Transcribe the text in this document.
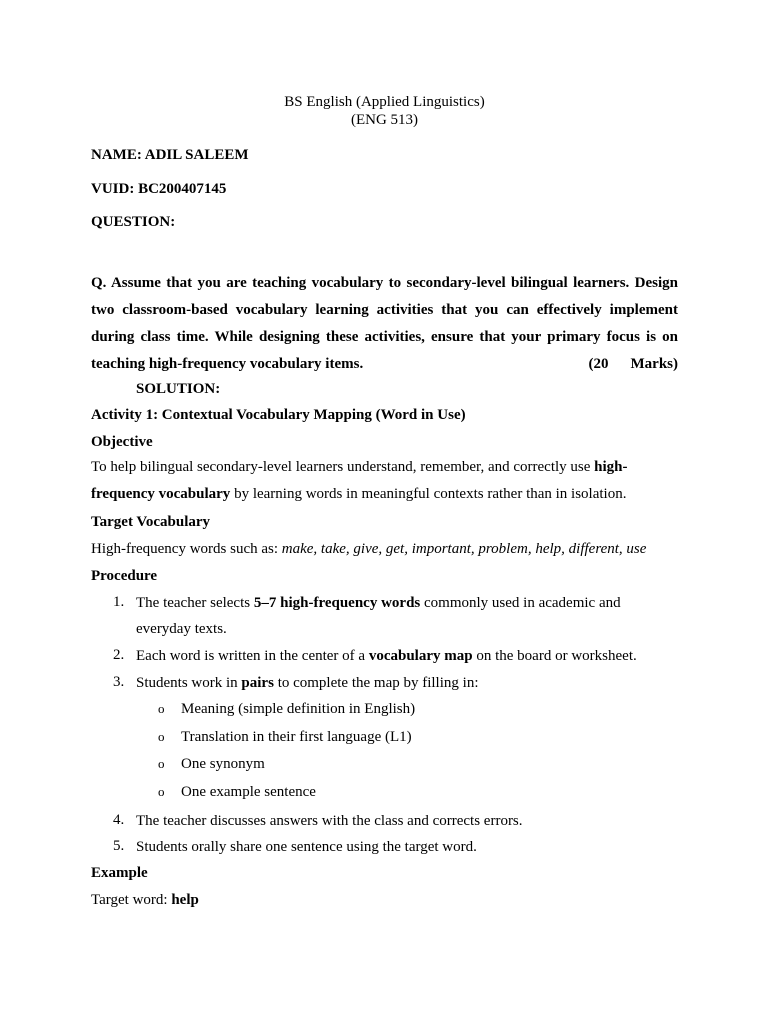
BS English (Applied Linguistics)
(ENG 513)
NAME: ADIL SALEEM
VUID: BC200407145
QUESTION:
Q. Assume that you are teaching vocabulary to secondary-level bilingual learners. Design
two classroom-based vocabulary learning activities that you can effectively implement
during class time. While designing these activities, ensure that your primary focus is on
teaching high-frequency vocabulary items.	(20 Marks)
SOLUTION:
Activity 1: Contextual Vocabulary Mapping (Word in Use)
Objective
To help bilingual secondary-level learners understand, remember, and correctly use high-
frequency vocabulary by learning words in meaningful contexts rather than in isolation.
Target Vocabulary
High-frequency words such as: make, take, give, get, important, problem, help, different, use
Procedure
1. The teacher selects 5–7 high-frequency words commonly used in academic and
everyday texts.
2. Each word is written in the center of a vocabulary map on the board or worksheet.
3. Students work in pairs to complete the map by filling in:
o Meaning (simple definition in English)
o Translation in their first language (L1)
o One synonym
o One example sentence
4. The teacher discusses answers with the class and corrects errors.
5. Students orally share one sentence using the target word.
Example
Target word: help
